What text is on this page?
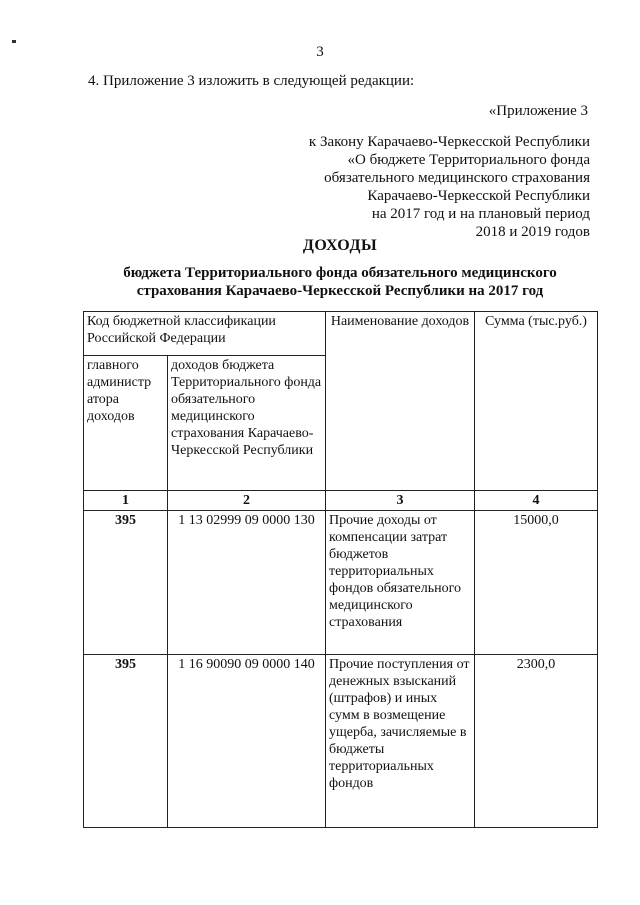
3
4. Приложение 3 изложить в следующей редакции:
«Приложение 3
к Закону Карачаево-Черкесской Республики
«О бюджете Территориального фонда
обязательного медицинского страхования
Карачаево-Черкесской Республики
на 2017 год и на плановый период
2018 и 2019 годов
ДОХОДЫ
бюджета Территориального фонда обязательного медицинского
страхования Карачаево-Черкесской Республики на 2017 год
Код бюджетной классификации Российской Федерации		Наименование доходов	Сумма (тыс.руб.)
главного администр атора доходов	доходов бюджета Территориального фонда обязательного медицинского страхования Карачаево-Черкесской Республики		
1	2	3	4
395	1 13 02999 09 0000 130	Прочие доходы от компенсации затрат бюджетов территориальных фондов обязательного медицинского страхования	15000,0
395	1 16 90090 09 0000 140	Прочие поступления от денежных взысканий (штрафов) и иных сумм в возмещение ущерба, зачисляемые в бюджеты территориальных фондов	2300,0
